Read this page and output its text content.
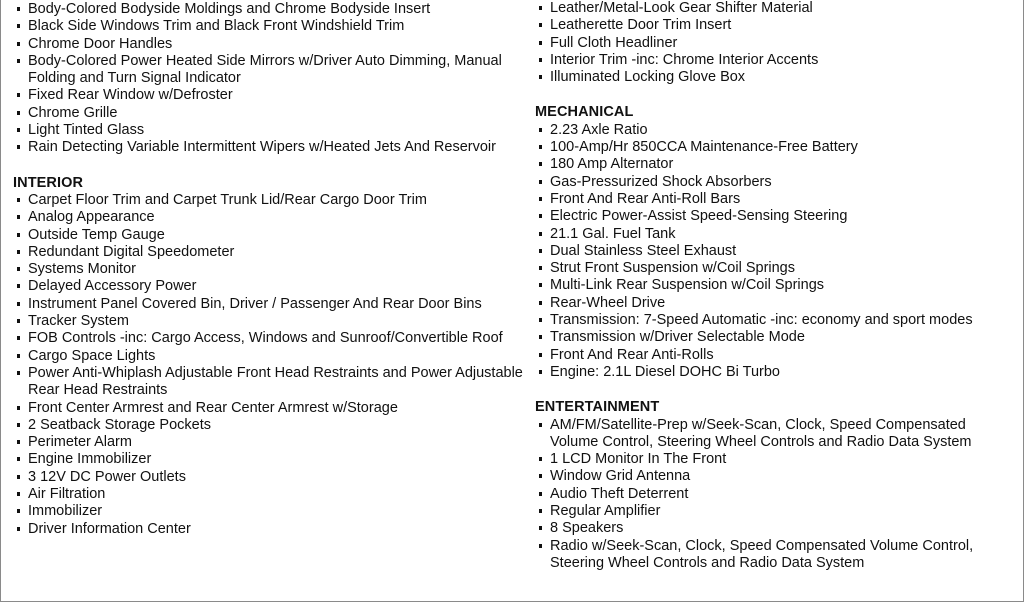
Body-Colored Bodyside Moldings and Chrome Bodyside Insert
Black Side Windows Trim and Black Front Windshield Trim
Chrome Door Handles
Body-Colored Power Heated Side Mirrors w/Driver Auto Dimming, Manual Folding and Turn Signal Indicator
Fixed Rear Window w/Defroster
Chrome Grille
Light Tinted Glass
Rain Detecting Variable Intermittent Wipers w/Heated Jets And Reservoir
INTERIOR
Carpet Floor Trim and Carpet Trunk Lid/Rear Cargo Door Trim
Analog Appearance
Outside Temp Gauge
Redundant Digital Speedometer
Systems Monitor
Delayed Accessory Power
Instrument Panel Covered Bin, Driver / Passenger And Rear Door Bins
Tracker System
FOB Controls -inc: Cargo Access, Windows and Sunroof/Convertible Roof
Cargo Space Lights
Power Anti-Whiplash Adjustable Front Head Restraints and Power Adjustable Rear Head Restraints
Front Center Armrest and Rear Center Armrest w/Storage
2 Seatback Storage Pockets
Perimeter Alarm
Engine Immobilizer
3 12V DC Power Outlets
Air Filtration
Immobilizer
Driver Information Center
Leather/Metal-Look Gear Shifter Material
Leatherette Door Trim Insert
Full Cloth Headliner
Interior Trim -inc: Chrome Interior Accents
Illuminated Locking Glove Box
MECHANICAL
2.23 Axle Ratio
100-Amp/Hr 850CCA Maintenance-Free Battery
180 Amp Alternator
Gas-Pressurized Shock Absorbers
Front And Rear Anti-Roll Bars
Electric Power-Assist Speed-Sensing Steering
21.1 Gal. Fuel Tank
Dual Stainless Steel Exhaust
Strut Front Suspension w/Coil Springs
Multi-Link Rear Suspension w/Coil Springs
Rear-Wheel Drive
Transmission: 7-Speed Automatic -inc: economy and sport modes
Transmission w/Driver Selectable Mode
Front And Rear Anti-Rolls
Engine: 2.1L Diesel DOHC Bi Turbo
ENTERTAINMENT
AM/FM/Satellite-Prep w/Seek-Scan, Clock, Speed Compensated Volume Control, Steering Wheel Controls and Radio Data System
1 LCD Monitor In The Front
Window Grid Antenna
Audio Theft Deterrent
Regular Amplifier
8 Speakers
Radio w/Seek-Scan, Clock, Speed Compensated Volume Control, Steering Wheel Controls and Radio Data System
